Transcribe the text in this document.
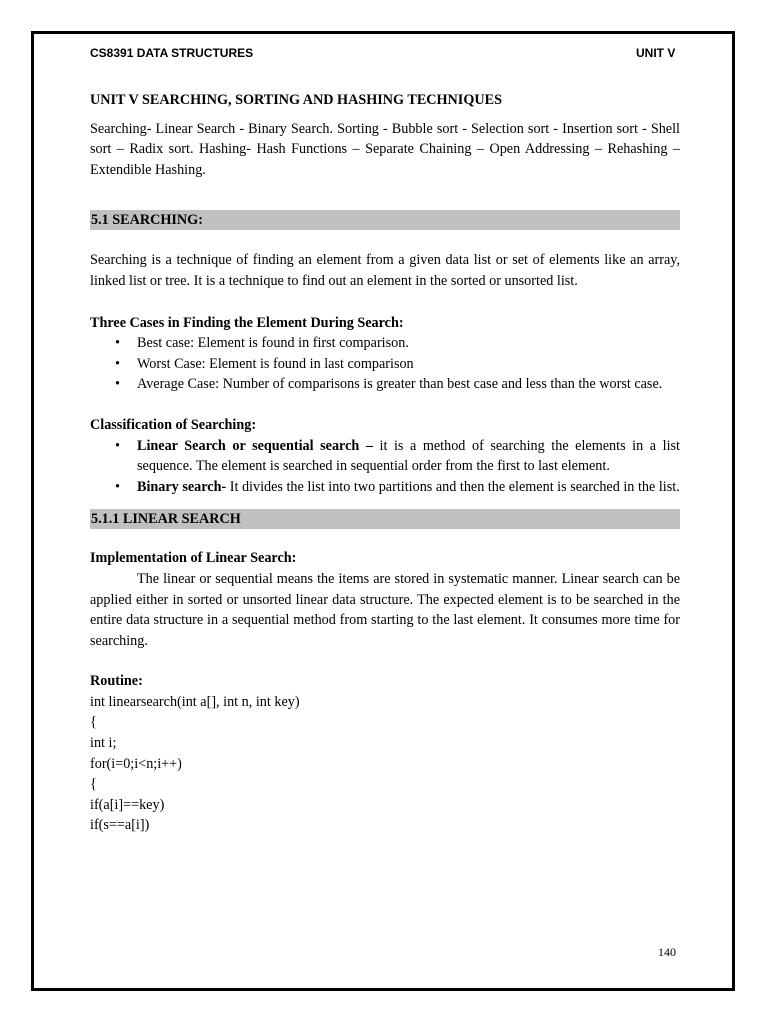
CS8391 DATA STRUCTURES	UNIT V
UNIT V SEARCHING, SORTING AND HASHING TECHNIQUES

Searching- Linear Search - Binary Search. Sorting - Bubble sort - Selection sort - Insertion sort - Shell sort – Radix sort. Hashing- Hash Functions – Separate Chaining – Open Addressing – Rehashing – Extendible Hashing.

5.1 SEARCHING:

Searching is a technique of finding an element from a given data list or set of elements like an array, linked list or tree. It is a technique to find out an element in the sorted or unsorted list.

Three Cases in Finding the Element During Search:
• Best case: Element is found in first comparison.
• Worst Case: Element is found in last comparison
• Average Case: Number of comparisons is greater than best case and less than the worst case.
Classification of Searching:
• Linear Search or sequential search – it is a method of searching the elements in a list sequence. The element is searched in sequential order from the first to last element.
• Binary search- It divides the list into two partitions and then the element is searched in the list.
5.1.1 LINEAR SEARCH
Implementation of Linear Search:

The linear or sequential means the items are stored in systematic manner. Linear search can be applied either in sorted or unsorted linear data structure. The expected element is to be searched in the entire data structure in a sequential method from starting to the last element. It consumes more time for searching.

Routine:

int linearsearch(int a[], int n, int key)

{

int i;

for(i=0;i<n;i++)

{

if(a[i]==key)

if(s==a[i])

140
